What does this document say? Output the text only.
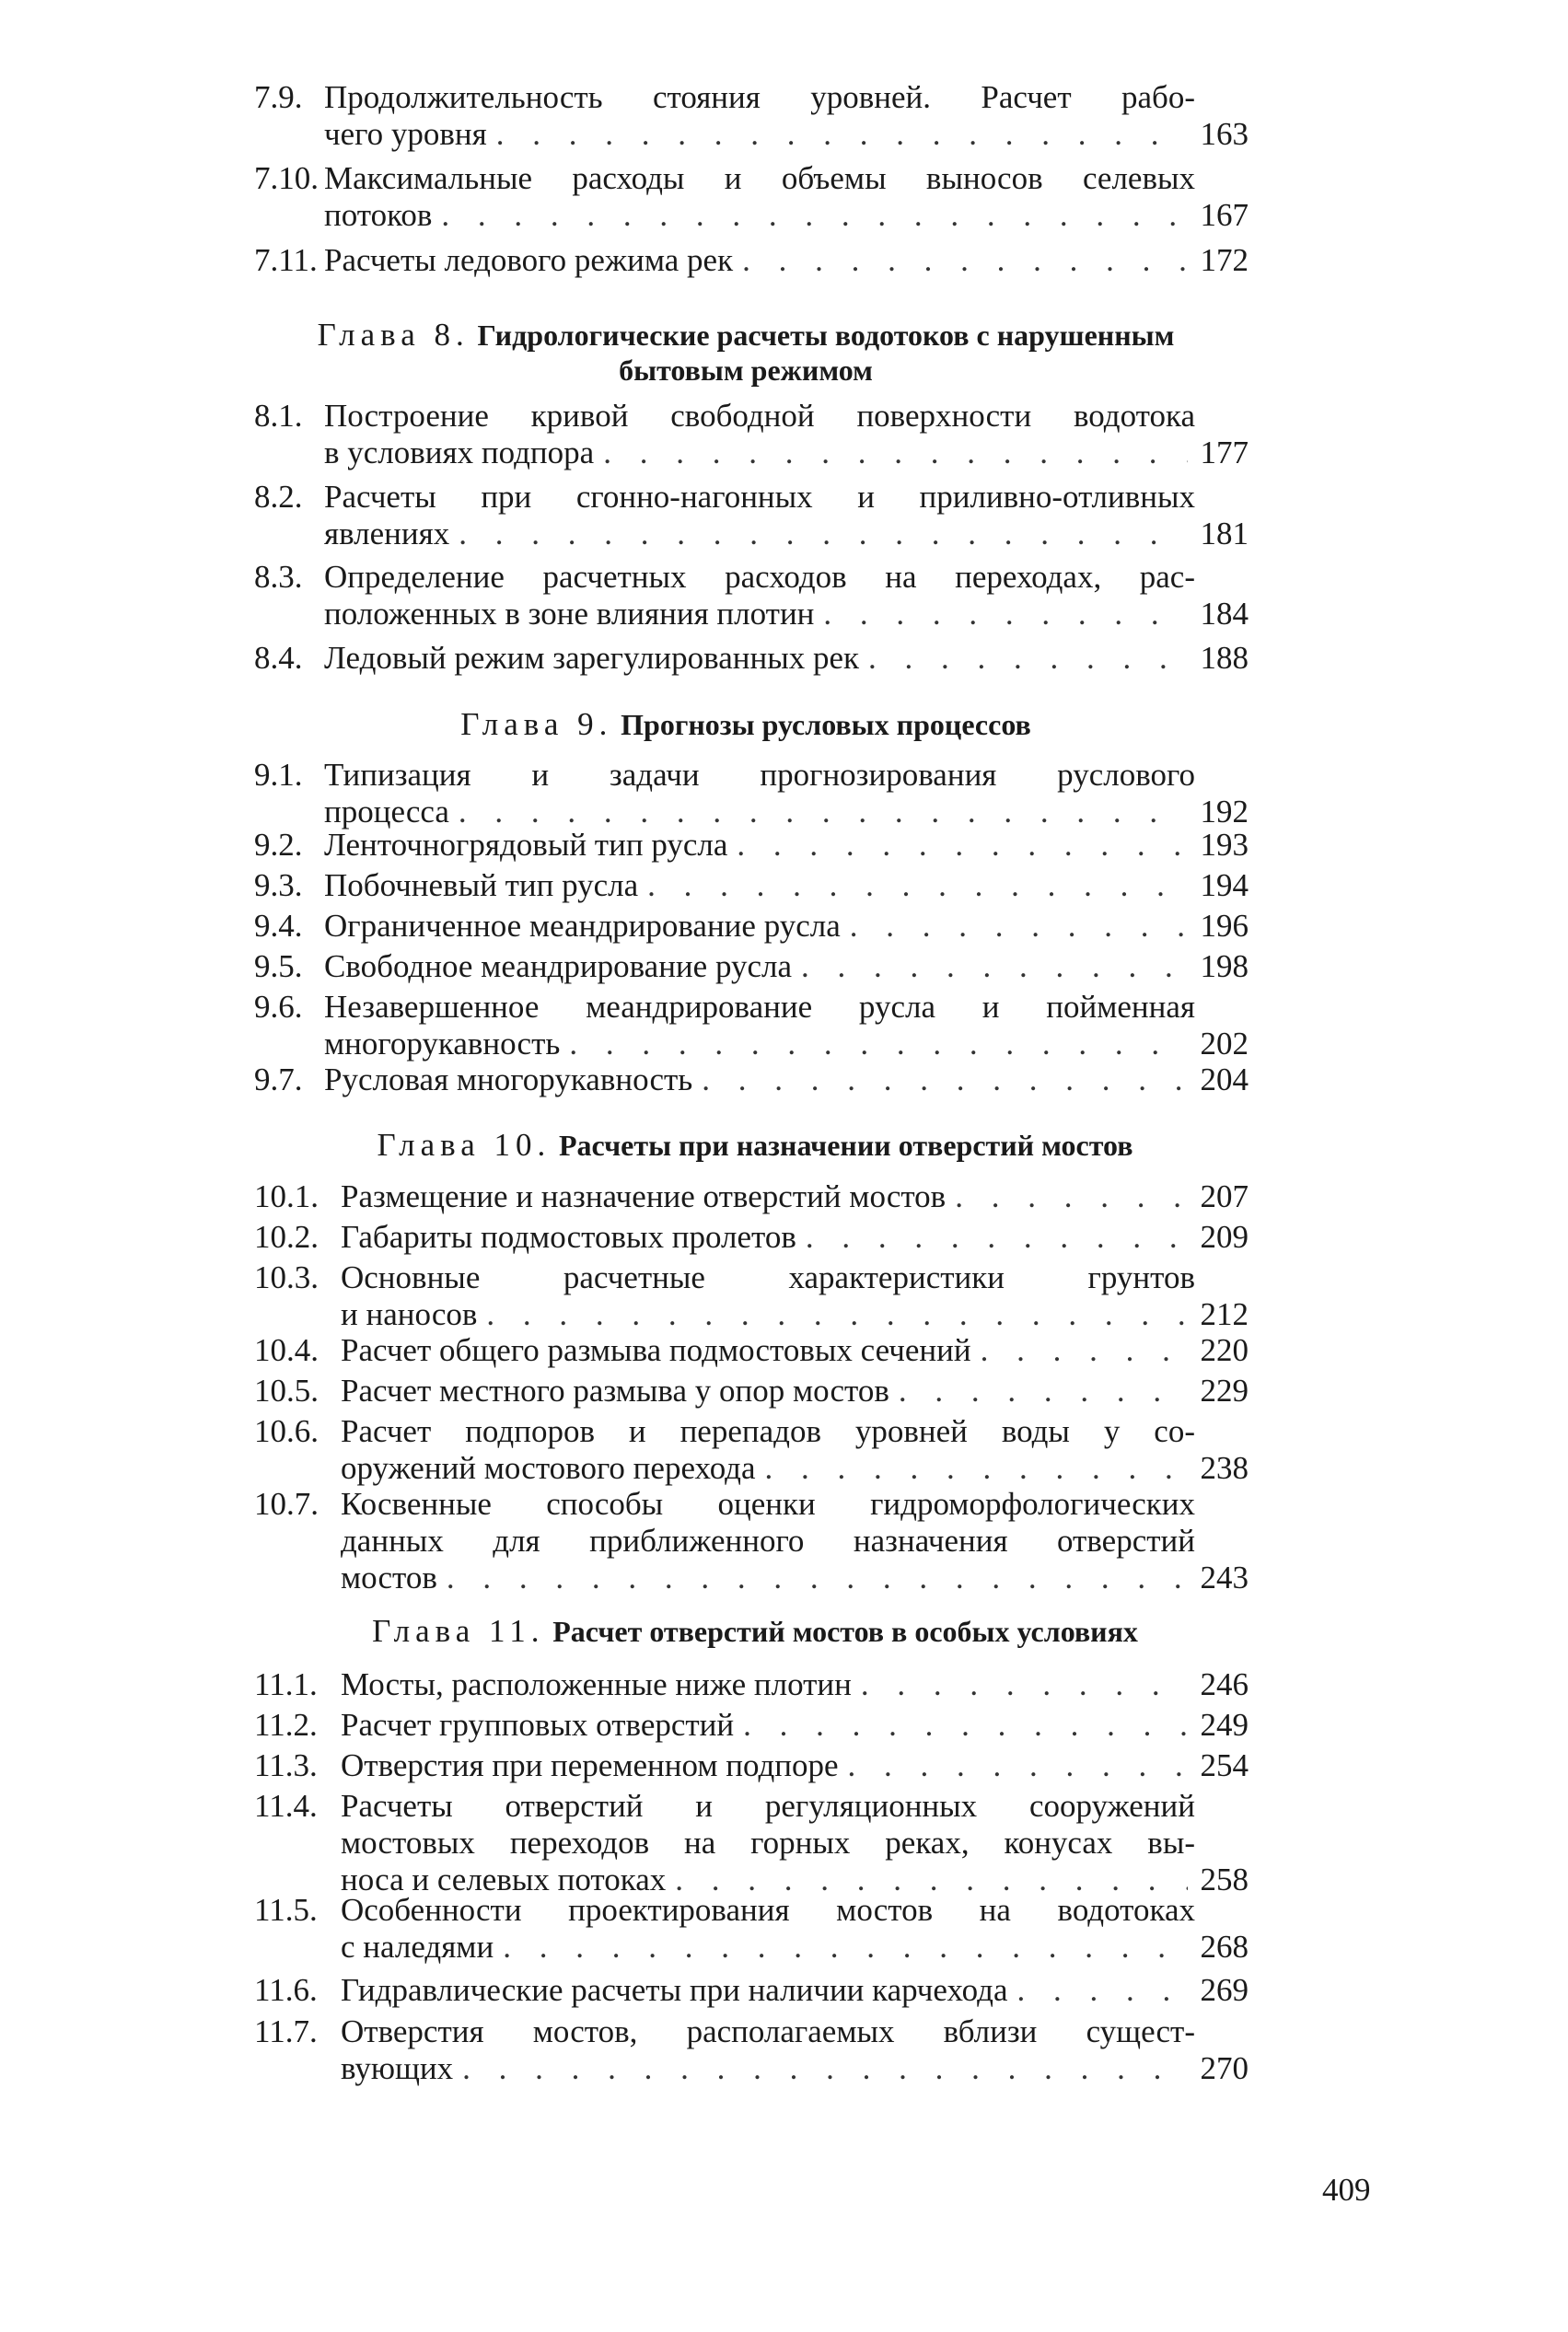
7.9. Продолжительность стояния уровней. Расчет рабо-
чего уровня . . .	163
7.10. Максимальные расходы и объемы выносов селевых
потоков . . .	167
7.11. Расчеты ледового режима рек . . .	172
Глава 8. Гидрологические расчеты водотоков с нарушенным
бытовым режимом
8.1. Построение кривой свободной поверхности водотока
в условиях подпора . . .	177
8.2. Расчеты при сгонно-нагонных и приливно-отливных
явлениях . . .	181
8.3. Определение расчетных расходов на переходах, рас-
положенных в зоне влияния плотин . . .	184
8.4. Ледовый режим зарегулированных рек . . .	188
Глава 9. Прогнозы русловых процессов
9.1. Типизация и задачи прогнозирования руслового
процесса . . .	192
9.2. Ленточногрядовый тип русла . . .	193
9.3. Побочневый тип русла . . .	194
9.4. Ограниченное меандрирование русла . . .	196
9.5. Свободное меандрирование русла . . .	198
9.6. Незавершенное меандрирование русла и пойменная
многорукавность . . .	202
9.7. Русловая многорукавность . . .	204
Глава 10. Расчеты при назначении отверстий мостов
10.1. Размещение и назначение отверстий мостов . . .	207
10.2. Габариты подмостовых пролетов . . .	209
10.3. Основные расчетные характеристики грунтов
и наносов . . .	212
10.4. Расчет общего размыва подмостовых сечений . . .	220
10.5. Расчет местного размыва у опор мостов . . .	229
10.6. Расчет подпоров и перепадов уровней воды у со-
оружений мостового перехода . . .	238
10.7. Косвенные способы оценки гидроморфологических
данных для приближенного назначения отверстий
мостов . . .	243
Глава 11. Расчет отверстий мостов в особых условиях
11.1. Мосты, расположенные ниже плотин . . .	246
11.2. Расчет групповых отверстий . . .	249
11.3. Отверстия при переменном подпоре . . .	254
11.4. Расчеты отверстий и регуляционных сооружений
мостовых переходов на горных реках, конусах вы-
носа и селевых потоках . . .	258
11.5. Особенности проектирования мостов на водотоках
с наледями . . .	268
11.6. Гидравлические расчеты при наличии карчехода . . .	269
11.7. Отверстия мостов, располагаемых вблизи сущест-
вующих . . .	270
409
